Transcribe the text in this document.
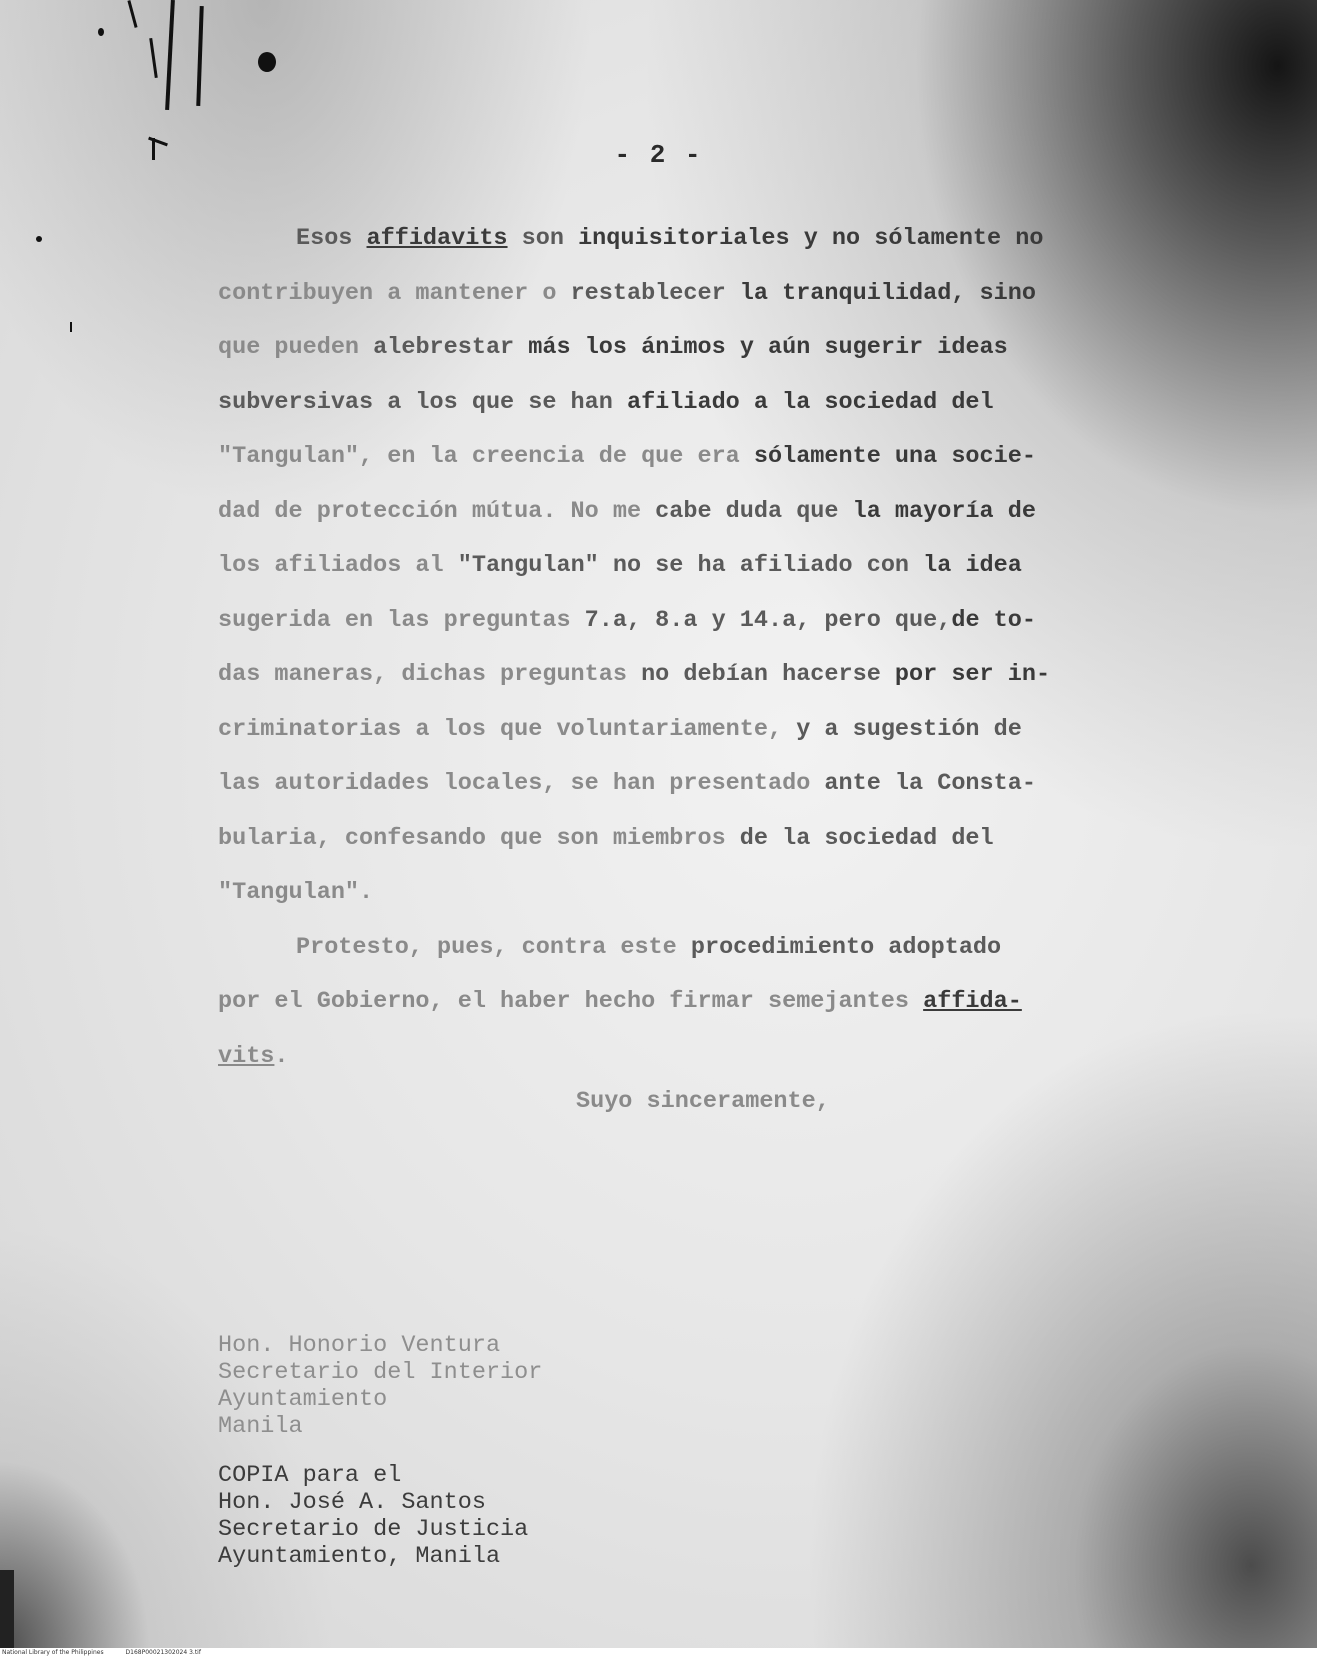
- 2 -
Esos affidavits son inquisitoriales y no sólamente no
contribuyen a mantener o restablecer la tranquilidad, sino
que pueden alebrestar más los ánimos y aún sugerir ideas
subversivas a los que se han afiliado a la sociedad del
"Tangulan", en la creencia de que era sólamente una socie-
dad de protección mútua. No me cabe duda que la mayoría de
los afiliados al "Tangulan" no se ha afiliado con la idea
sugerida en las preguntas 7.a, 8.a y 14.a, pero que,de to-
das maneras, dichas preguntas no debían hacerse por ser in-
criminatorias a los que voluntariamente, y a sugestión de
las autoridades locales, se han presentado ante la Consta-
bularia, confesando que son miembros de la sociedad del
"Tangulan".
Protesto, pues, contra este procedimiento adoptado
por el Gobierno, el haber hecho firmar semejantes affida-
vits.
Suyo sinceramente,
Hon. Honorio Ventura
Secretario del Interior
Ayuntamiento
Manila
COPIA para el
Hon. José A. Santos
Secretario de Justicia
Ayuntamiento, Manila
National Library of the Philippines	D168P00021302024 3.tif
